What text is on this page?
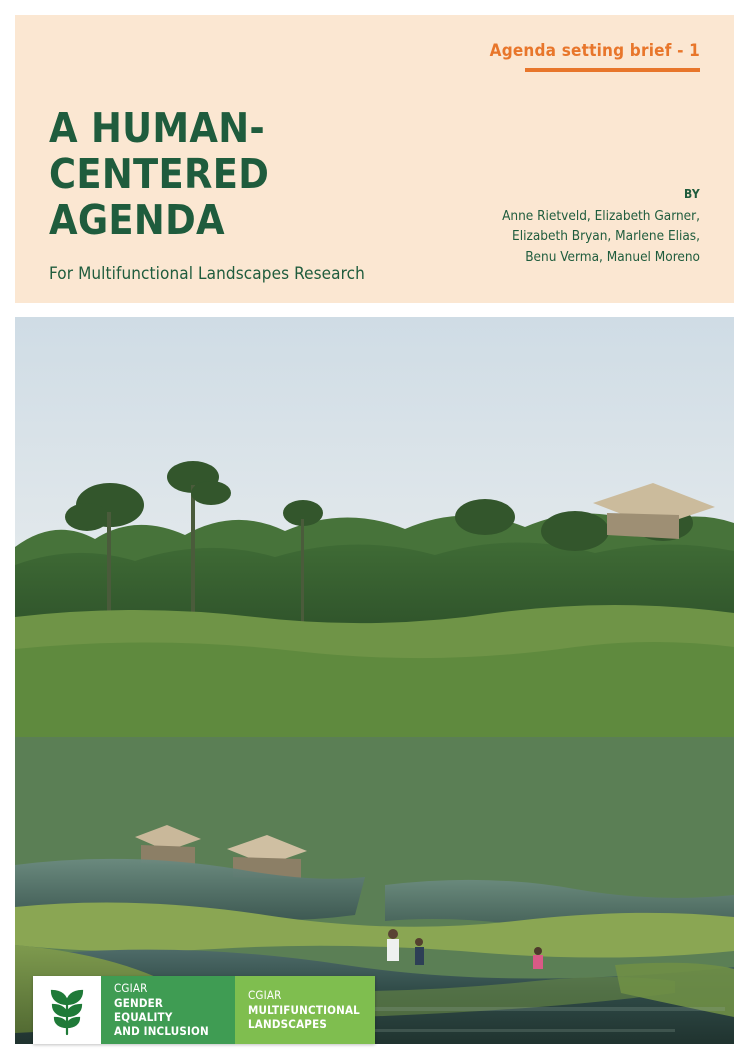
Agenda setting brief - 1
A HUMAN-CENTERED
AGENDA
For Multifunctional Landscapes Research
BY
Anne Rietveld, Elizabeth Garner,
Elizabeth Bryan, Marlene Elias,
Benu Verma, Manuel Moreno
CGIAR
GENDER EQUALITY
AND INCLUSION
CGIAR
MULTIFUNCTIONAL
LANDSCAPES
